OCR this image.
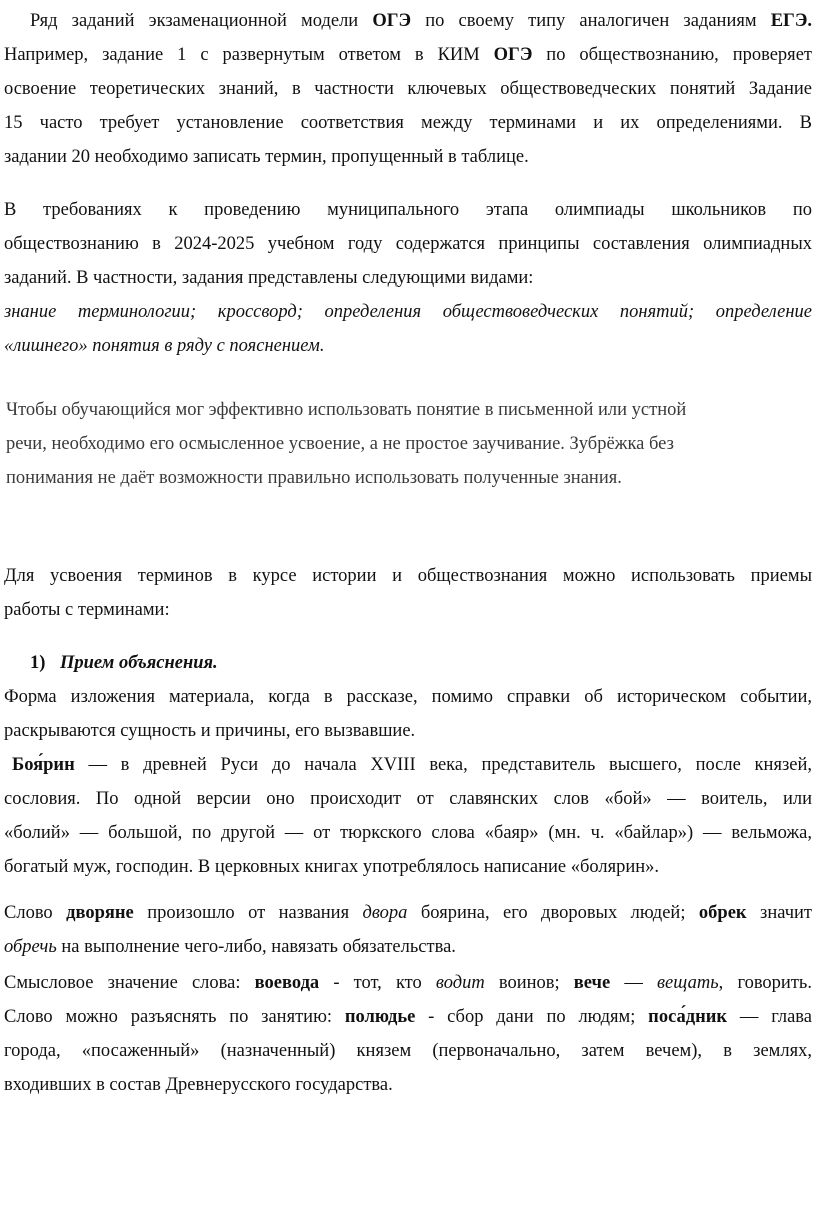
Ряд заданий экзаменационной модели ОГЭ по своему типу аналогичен заданиям ЕГЭ.
Например, задание 1 с развернутым ответом в КИМ ОГЭ по обществознанию, проверяет
освоение теоретических знаний, в частности ключевых обществоведческих понятий Задание
15 часто требует установление соответствия между терминами и их определениями. В
задании 20 необходимо записать термин, пропущенный в таблице.
В требованиях к проведению муниципального этапа олимпиады школьников по
обществознанию в 2024-2025 учебном году содержатся принципы составления олимпиадных
заданий. В частности, задания представлены следующими видами:
знание терминологии; кроссворд; определения обществоведческих понятий; определение
«лишнего» понятия в ряду с пояснением.
Чтобы обучающийся мог эффективно использовать понятие в письменной или устной
речи, необходимо его осмысленное усвоение, а не простое заучивание. Зубрёжка без
понимания не даёт возможности правильно использовать полученные знания.
Для усвоения терминов в курсе истории и обществознания можно использовать приемы
работы с терминами:
1) Прием объяснения.
Форма изложения материала, когда в рассказе, помимо справки об историческом событии,
раскрываются сущность и причины, его вызвавшие.
Боя́рин — в древней Руси до начала XVIII века, представитель высшего, после князей,
сословия. По одной версии оно происходит от славянских слов «бой» — воитель, или
«болий» — большой, по другой — от тюркского слова «баяр» (мн. ч. «байлар») — вельможа,
богатый муж, господин. В церковных книгах употреблялось написание «болярин».
Слово дворяне произошло от названия двора боярина, его дворовых людей; обрек значит
обречь на выполнение чего-либо, навязать обязательства.
Смысловое значение слова: воевода - тот, кто водит воинов; вече — вещать, говорить.
Слово можно разъяснять по занятию: полюдье - сбор дани по людям; поса́дник — глава
города, «посаженный» (назначенный) князем (первоначально, затем вечем), в землях,
входивших в состав Древнерусского государства.
